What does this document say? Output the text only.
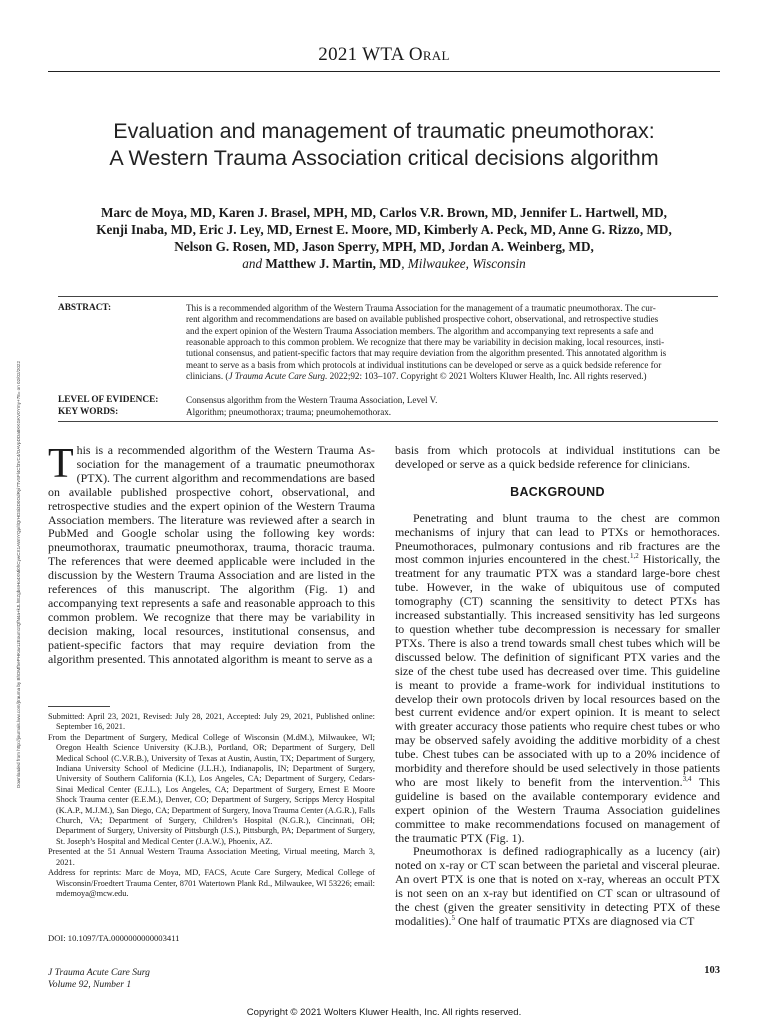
2021 WTA Oral
Downloaded from http://journals.lww.com/jtrauma by BhDMf5ePHKav1zEoum1tQfN4a+kJLhEZgbsIHo4XMi0hCywCX1AWnYQp/IlQrHD3i3D0OdRyi7TvSFl4Cf3VC4/OAVpDDa8KKGKV0Ymy+78= on 02/02/2022
Evaluation and management of traumatic pneumothorax:
A Western Trauma Association critical decisions algorithm
Marc de Moya, MD, Karen J. Brasel, MPH, MD, Carlos V.R. Brown, MD, Jennifer L. Hartwell, MD,
Kenji Inaba, MD, Eric J. Ley, MD, Ernest E. Moore, MD, Kimberly A. Peck, MD, Anne G. Rizzo, MD,
Nelson G. Rosen, MD, Jason Sperry, MPH, MD, Jordan A. Weinberg, MD,
and Matthew J. Martin, MD, Milwaukee, Wisconsin
ABSTRACT:	This is a recommended algorithm of the Western Trauma Association for the management of a traumatic pneumothorax. The cur-
rent algorithm and recommendations are based on available published prospective cohort, observational, and retrospective studies
and the expert opinion of the Western Trauma Association members. The algorithm and accompanying text represents a safe and
reasonable approach to this common problem. We recognize that there may be variability in decision making, local resources, insti-
tutional consensus, and patient-specific factors that may require deviation from the algorithm presented. This annotated algorithm is
meant to serve as a basis from which protocols at individual institutions can be developed or serve as a quick bedside reference for
clinicians. (J Trauma Acute Care Surg. 2022;92: 103–107. Copyright © 2021 Wolters Kluwer Health, Inc. All rights reserved.)
LEVEL OF EVIDENCE:	Consensus algorithm from the Western Trauma Association, Level V.
KEY WORDS:	Algorithm; pneumothorax; trauma; pneumohemothorax.

This is a recommended algorithm of the Western Trauma As- sociation for the management of a traumatic pneumothorax (PTX). The current algorithm and recommendations are based on available published prospective cohort, observational, and retrospective studies and the expert opinion of the Western Trauma Association members. The literature was reviewed after a search in PubMed and Google scholar using the following key words: pneumothorax, traumatic pneumothorax, trauma, thoracic trauma. The references that were deemed applicable were included in the discussion by the Western Trauma Association and are listed in the references of this manuscript. The algorithm (Fig. 1) and accompanying text represents a safe and reasonable approach to this common problem. We recognize that there may be variability in decision making, local resources, institutional consensus, and patient-specific factors that may require deviation from the algorithm presented. This annotated algorithm is meant to serve as a

basis from which protocols at individual institutions can be developed or serve as a quick bedside reference for clinicians.

BACKGROUND

Penetrating and blunt trauma to the chest are common mechanisms of injury that can lead to PTXs or hemothoraces. Pneumothoraces, pulmonary contusions and rib fractures are the most common injuries encountered in the chest.$^{1,2}$ Historically, the treatment for any traumatic PTX was a standard large-bore chest tube. However, in the wake of ubiquitous use of computed tomography (CT) scanning the sensitivity to detect PTXs has increased substantially. This increased sensitivity has led surgeons to question whether tube decompression is necessary for smaller PTXs. There is also a trend towards small chest tubes which will be discussed below. The definition of significant PTX varies and the size of the chest tube used has decreased over time. This guideline is meant to provide a frame-work for individual institutions to develop their own protocols driven by local resources based on the best current evidence and/or expert opinion. It is meant to select with greater accuracy those patients who require chest tubes or who may be observed safely avoiding the additive morbidity of a chest tube. Chest tubes can be associated with up to a 20% incidence of morbidity and therefore should be used selectively in those patients who are most likely to benefit from the intervention.$^{3,4}$ This guideline is based on the available contemporary evidence and expert opinion of the Western Trauma Association guidelines committee to make recommendations focused on management of the traumatic PTX (Fig. 1).

Pneumothorax is defined radiographically as a lucency (air) noted on x-ray or CT scan between the parietal and visceral pleurae. An overt PTX is one that is noted on x-ray, whereas an occult PTX is not seen on an x-ray but identified on CT scan or ultrasound of the chest (given the greater sensitivity in detecting PTX of these modalities).$^5$ One half of traumatic PTXs are diagnosed via CT

Submitted: April 23, 2021, Revised: July 28, 2021, Accepted: July 29, 2021, Published online: September 16, 2021.

From the Department of Surgery, Medical College of Wisconsin (M.dM.), Milwaukee, WI; Oregon Health Science University (K.J.B.), Portland, OR; Department of Surgery, Dell Medical School (C.V.R.B.), University of Texas at Austin, Austin, TX; Department of Surgery, Indiana University School of Medicine (J.L.H.), Indianapolis, IN; Department of Surgery, University of Southern California (K.I.), Los Angeles, CA; Department of Surgery, Cedars-Sinai Medical Center (E.J.L.), Los Angeles, CA; Department of Surgery, Ernest E Moore Shock Trauma center (E.E.M.), Denver, CO; Department of Surgery, Scripps Mercy Hospital (K.A.P., M.J.M.), San Diego, CA; Department of Surgery, Inova Trauma Center (A.G.R.), Falls Church, VA; Department of Surgery, Children’s Hospital (N.G.R.), Cincinnati, OH; Department of Surgery, University of Pittsburgh (J.S.), Pittsburgh, PA; Department of Surgery, St. Joseph’s Hospital and Medical Center (J.A.W.), Phoenix, AZ.

Presented at the 51 Annual Western Trauma Association Meeting, Virtual meeting, March 3, 2021.

Address for reprints: Marc de Moya, MD, FACS, Acute Care Surgery, Medical College of Wisconsin/Froedtert Trauma Center, 8701 Watertown Plank Rd., Milwaukee, WI 53226; email: mdemoya@mcw.edu.

DOI: 10.1097/TA.0000000000003411
J Trauma Acute Care Surg
Volume 92, Number 1
103
Copyright © 2021 Wolters Kluwer Health, Inc. All rights reserved.
